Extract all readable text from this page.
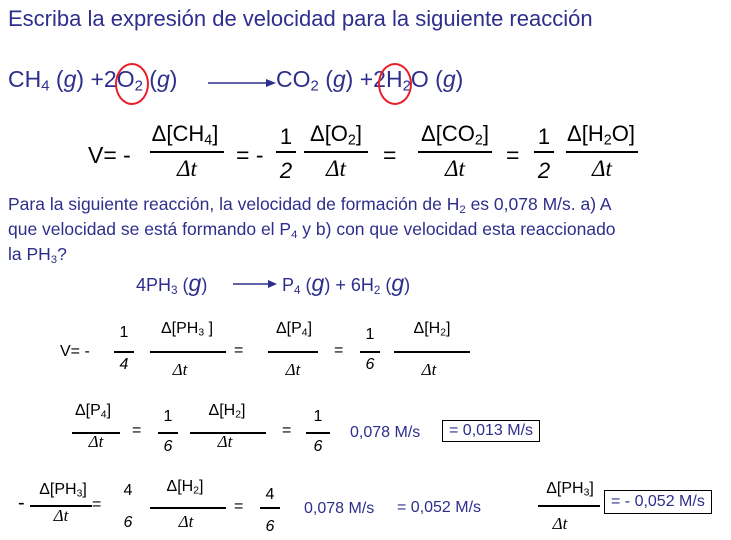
Escriba la expresión de velocidad para la siguiente reacción
$CH_4$ $(g) +2O_2$ (g)	$CO_2$ $(g) +2H_2O$ (g)
V= -
$\Delta[CH_4]$
Δt
= -
1
2
$\Delta[O_2]$
Δt
=
$\Delta[CO_2]$
Δt
=
1
2
$\Delta[H_2O]$
Δt
Para la siguiente reacción, la velocidad de formación de $H_2$ es 0,078 M/s. a) A
que velocidad se está formando el $P_4$ y b) con que velocidad esta reaccionado
la $PH_3$?
$4PH_3$ $(g) \to P_4$ $(g) + 6H_2$ (g)
V= -
1
4
$\Delta[PH_3$ ]
Δt
=
$\Delta[P_4]$
Δt
=
1
6
$\Delta[H_2]$
Δt
$\Delta[P_4]$
Δt
=
1
6
$\Delta[H_2]$
Δt
=
1
6
0,078 M/s	= 0,013 M/s
-
$\Delta[PH_3]$
Δt
=
4
6
$\Delta[H_2]$
Δt
=
4
6
0,078 M/s = 0,052 M/s
$\Delta[PH_3]$
Δt
= - 0,052 M/s
